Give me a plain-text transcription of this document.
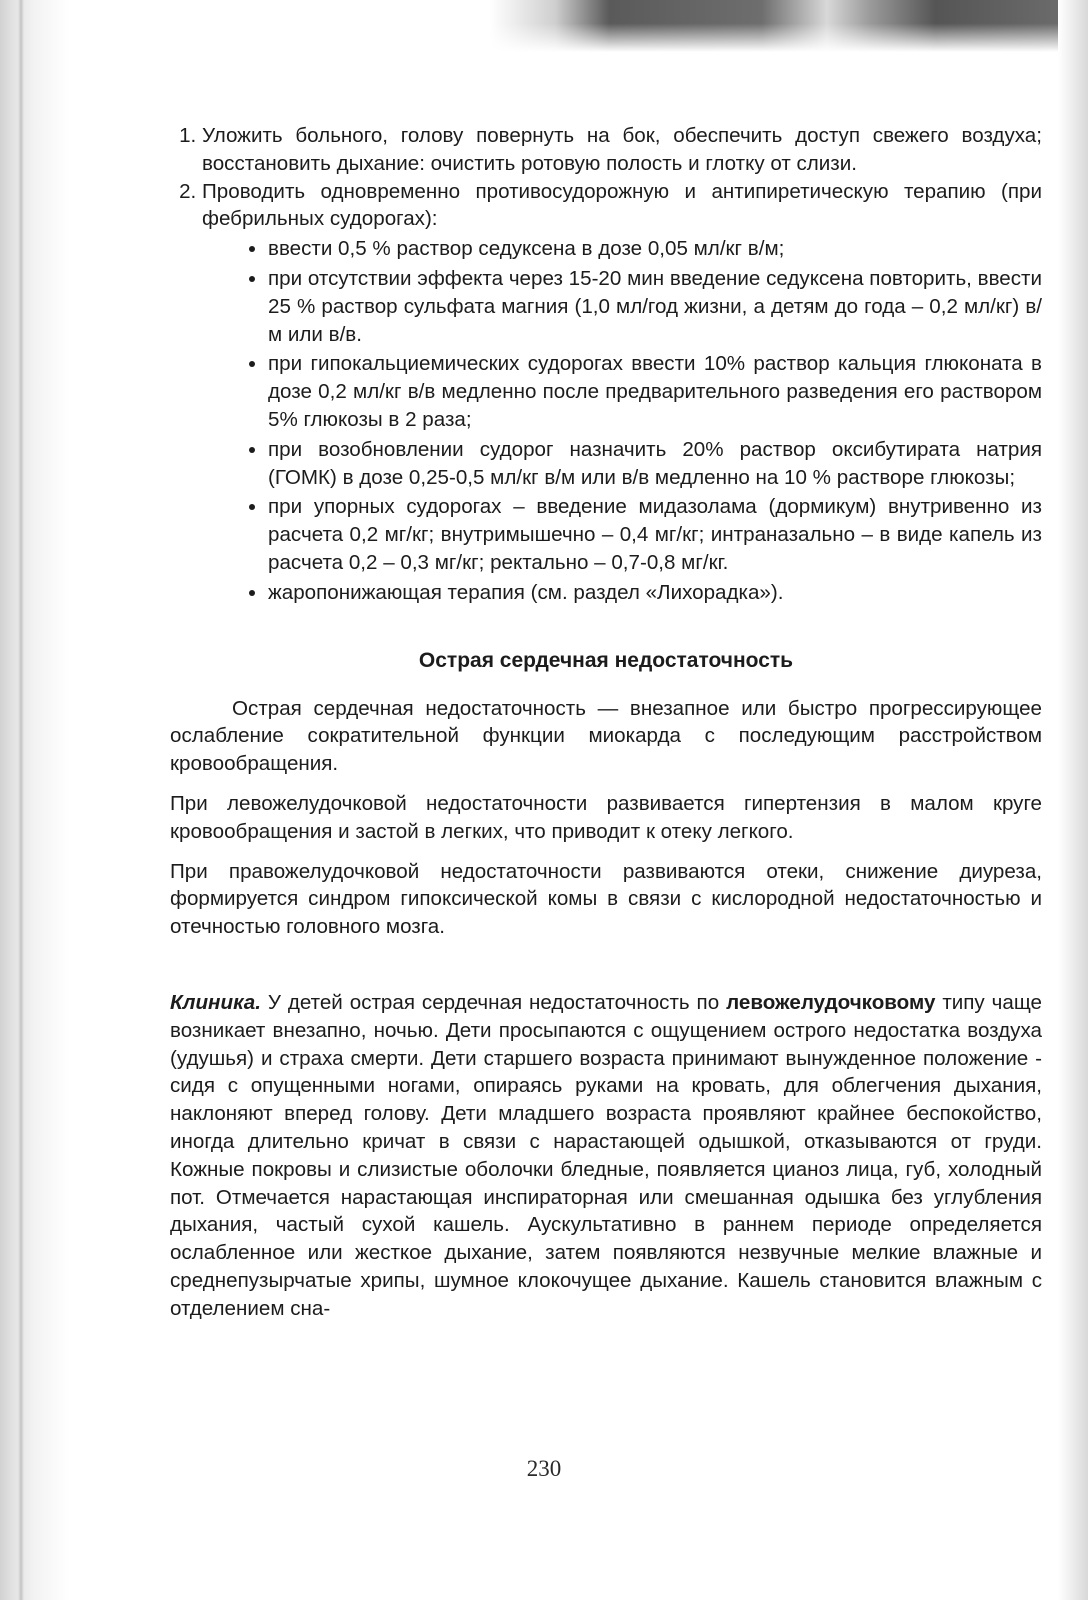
1. Уложить больного, голову повернуть на бок, обеспечить доступ свежего воздуха; восстановить дыхание: очистить ротовую полость и глотку от слизи.
2. Проводить одновременно противосудорожную и антипиретическую терапию (при фебрильных судорогах):
• ввести 0,5 % раствор седуксена в дозе 0,05 мл/кг в/м;
• при отсутствии эффекта через 15-20 мин введение седуксена повторить, ввести 25 % раствор сульфата магния (1,0 мл/год жизни, а детям до года – 0,2 мл/кг) в/м или в/в.
• при гипокальциемических судорогах ввести 10% раствор кальция глюконата в дозе 0,2 мл/кг в/в медленно после предварительного разведения его раствором 5% глюкозы в 2 раза;
• при возобновлении судорог назначить 20% раствор оксибутирата натрия (ГОМК) в дозе 0,25-0,5 мл/кг в/м или в/в медленно на 10 % растворе глюкозы;
• при упорных судорогах – введение мидазолама (дормикум) внутривенно из расчета 0,2 мг/кг; внутримышечно – 0,4 мг/кг; интраназально – в виде капель из расчета 0,2 – 0,3 мг/кг; ректально – 0,7-0,8 мг/кг.
• жаропонижающая терапия (см. раздел «Лихорадка»).
Острая сердечная недостаточность

Острая сердечная недостаточность — внезапное или быстро прогрессирующее ослабление сократительной функции миокарда с последующим расстройством кровообращения.

При левожелудочковой недостаточности развивается гипертензия в малом круге кровообращения и застой в легких, что приводит к отеку легкого.

При правожелудочковой недостаточности развиваются отеки, снижение диуреза, формируется синдром гипоксической комы в связи с кислородной недостаточностью и отечностью головного мозга.

Клиника. У детей острая сердечная недостаточность по левожелудочковому типу чаще возникает внезапно, ночью. Дети просыпаются с ощущением острого недостатка воздуха (удушья) и страха смерти. Дети старшего возраста принимают вынужденное положение - сидя с опущенными ногами, опираясь руками на кровать, для облегчения дыхания, наклоняют вперед голову. Дети младшего возраста проявляют крайнее беспокойство, иногда длительно кричат в связи с нарастающей одышкой, отказываются от груди. Кожные покровы и слизистые оболочки бледные, появляется цианоз лица, губ, холодный пот. Отмечается нарастающая инспираторная или смешанная одышка без углубления дыхания, частый сухой кашель. Аускультативно в раннем периоде определяется ослабленное или жесткое дыхание, затем появляются незвучные мелкие влажные и среднепузырчатые хрипы, шумное клокочущее дыхание. Кашель становится влажным с отделением сна-

230
